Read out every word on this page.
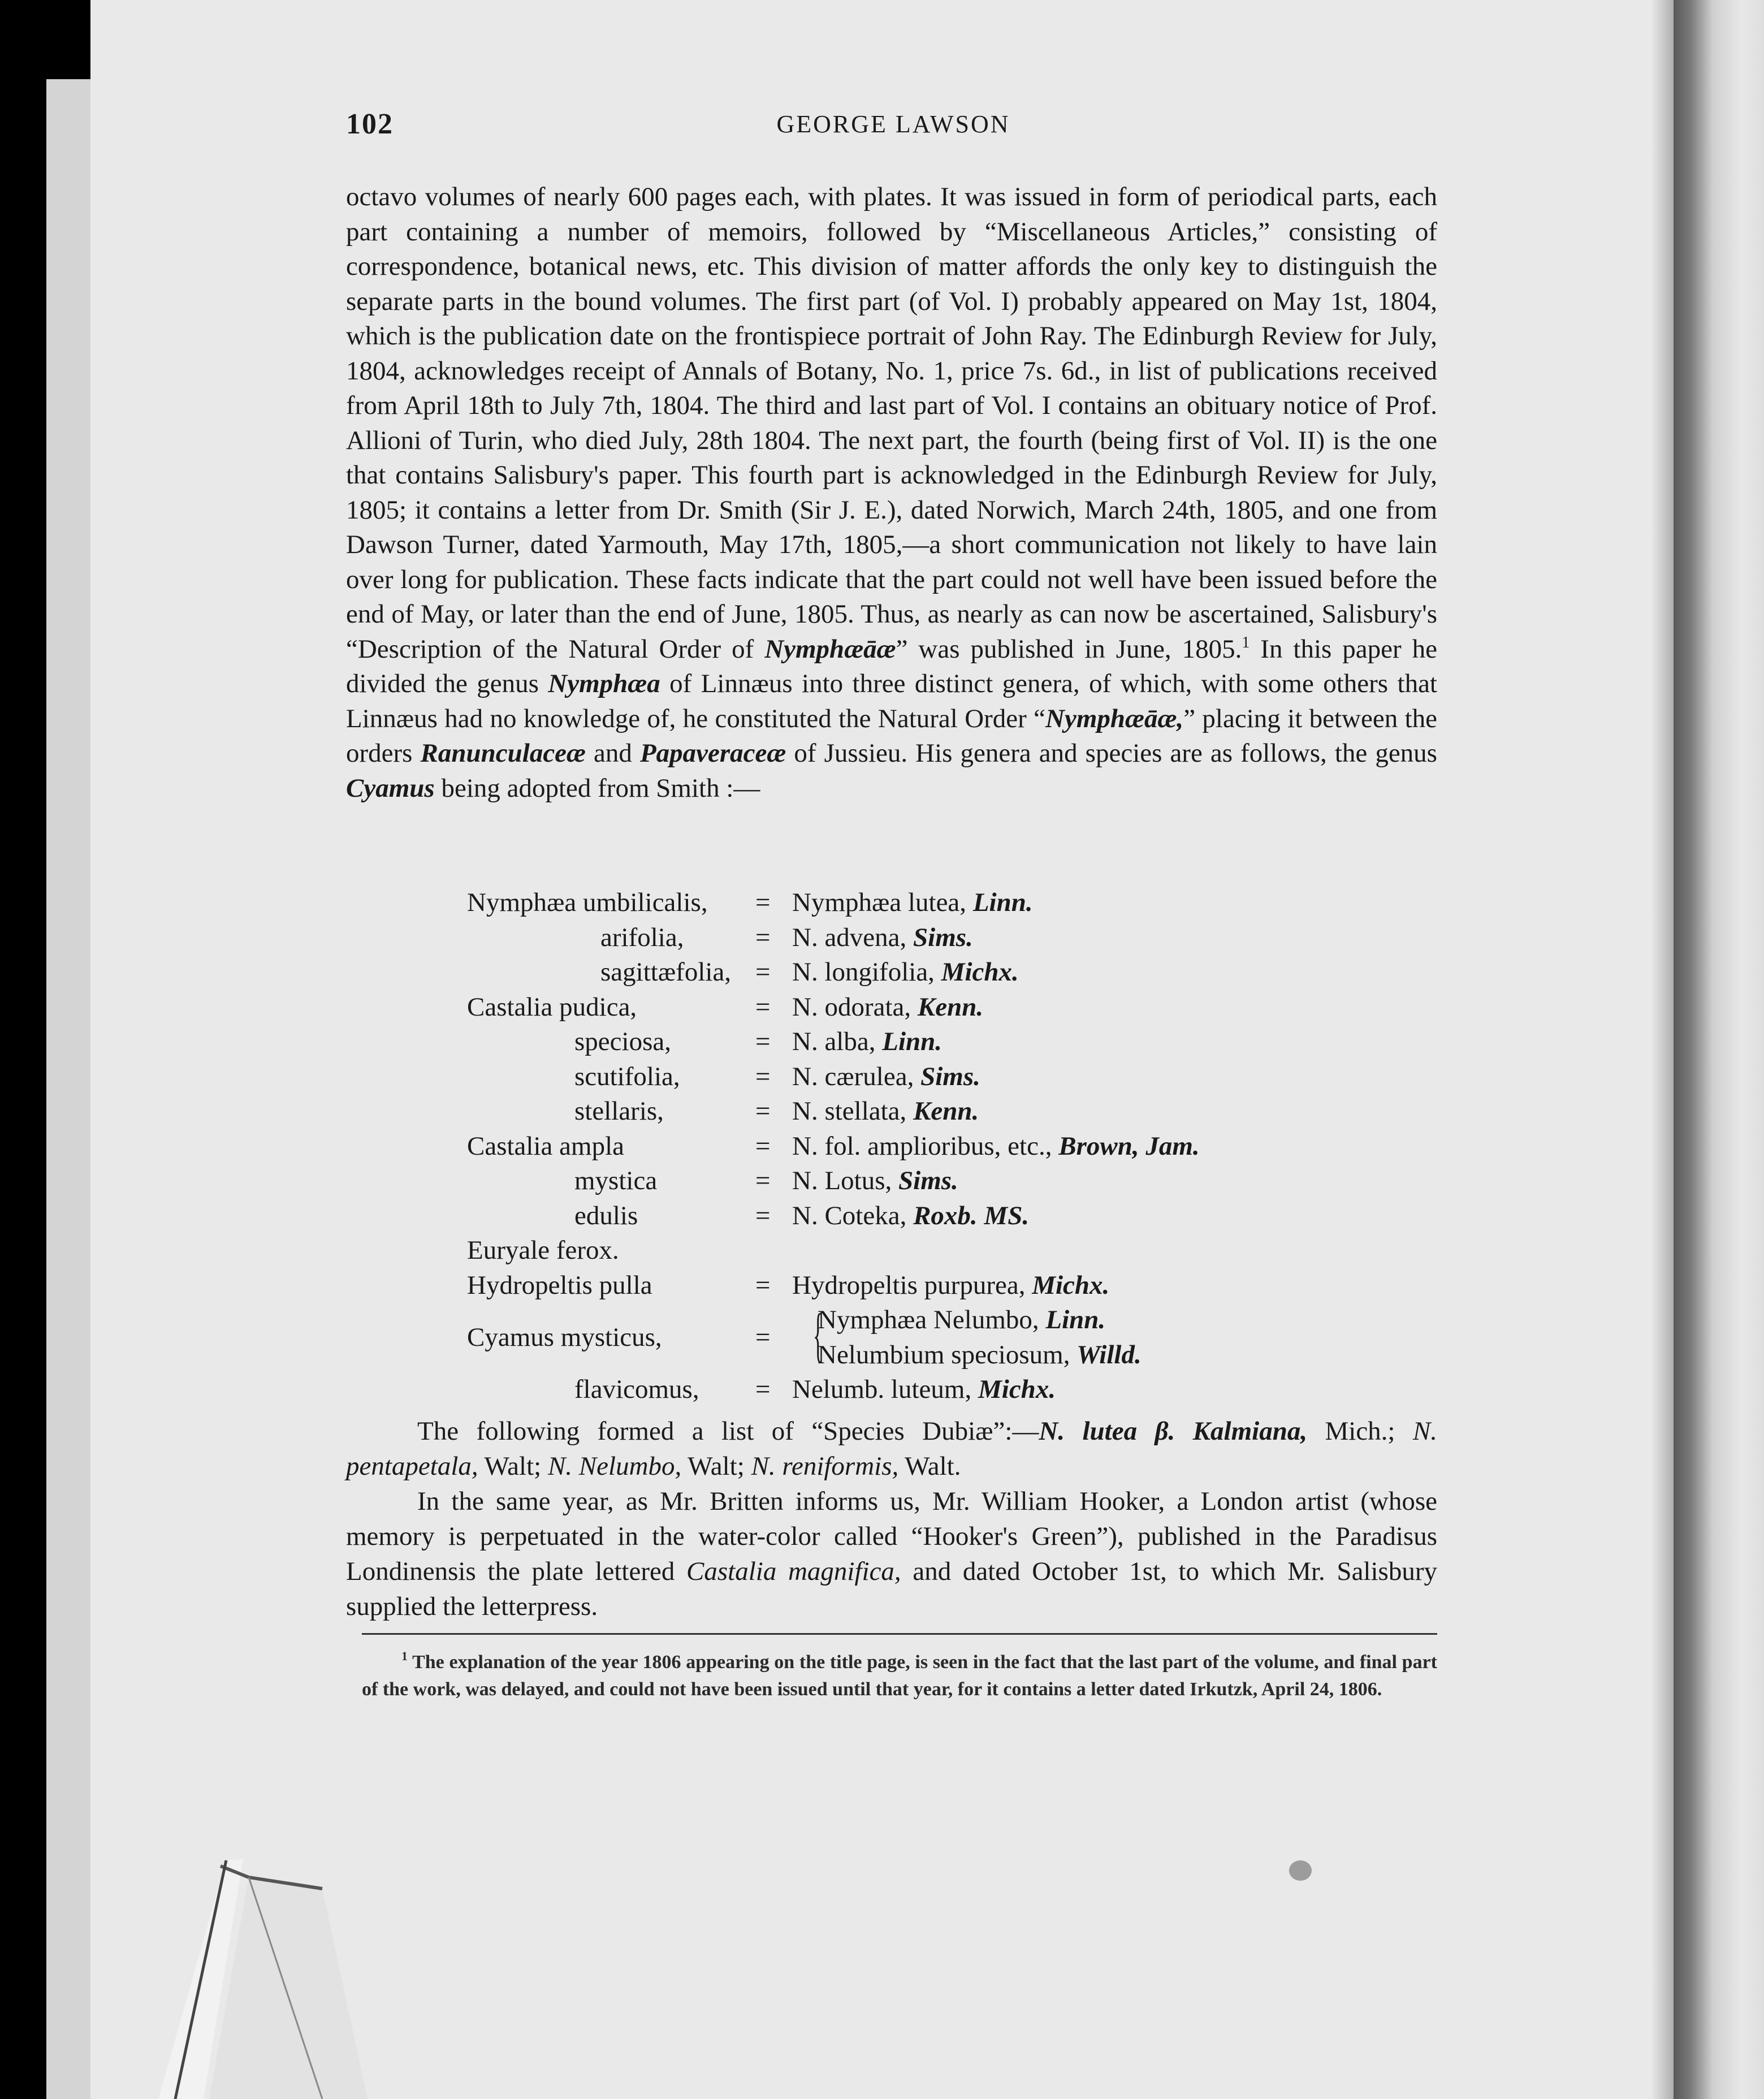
102	GEORGE LAWSON

octavo volumes of nearly 600 pages each, with plates. It was issued in form of periodical parts, each part containing a number of memoirs, followed by “Miscellaneous Articles,” consisting of correspondence, botanical news, etc. This division of matter affords the only key to distinguish the separate parts in the bound volumes. The first part (of Vol. I) probably appeared on May 1st, 1804, which is the publication date on the frontispiece portrait of John Ray. The Edinburgh Review for July, 1804, acknowledges receipt of Annals of Botany, No. 1, price 7s. 6d., in list of publications received from April 18th to July 7th, 1804. The third and last part of Vol. I contains an obituary notice of Prof. Allioni of Turin, who died July, 28th 1804. The next part, the fourth (being first of Vol. II) is the one that contains Salisbury's paper. This fourth part is acknowledged in the Edinburgh Review for July, 1805; it contains a letter from Dr. Smith (Sir J. E.), dated Norwich, March 24th, 1805, and one from Dawson Turner, dated Yarmouth, May 17th, 1805,—a short communication not likely to have lain over long for publication. These facts indicate that the part could not well have been issued before the end of May, or later than the end of June, 1805. Thus, as nearly as can now be ascertained, Salisbury's “Description of the Natural Order of Nymphæāæ” was published in June, 1805.$^1$ In this paper he divided the genus Nymphæa of Linnæus into three distinct genera, of which, with some others that Linnæus had no knowledge of, he constituted the Natural Order “Nymphæāæ,” placing it between the orders Ranunculaceæ and Papaveraceæ of Jussieu. His genera and species are as follows, the genus Cyamus being adopted from Smith :—

Nymphæa umbilicalis, = Nymphæa lutea, Linn.
arifolia,	= N. advena, Sims.
sagittæfolia, = N. longifolia, Michx.
Castalia pudica,	= N. odorata, Kenn.
speciosa,	= N. alba, Linn.
scutifolia,	= N. cærulea, Sims.
stellaris,	= N. stellata, Kenn.
Castalia ampla	= N. fol. amplioribus, etc., Brown, Jam.
mystica	= N. Lotus, Sims.
edulis	= N. Coteka, Roxb. MS.
Euryale ferox.
Hydropeltis pulla	= Hydropeltis purpurea, Michx.
Cyamus mysticus,	= {
Nymphæa Nelumbo, Linn.
Nelumbium speciosum, Willd.
flavicomus, = Nelumb. luteum, Michx.

The following formed a list of “Species Dubiæ”:—N. lutea β. Kalmiana, Mich.; N. pentapetala, Walt; N. Nelumbo, Walt; N. reniformis, Walt.

In the same year, as Mr. Britten informs us, Mr. William Hooker, a London artist (whose memory is perpetuated in the water-color called “Hooker's Green”), published in the Paradisus Londinensis the plate lettered Castalia magnifica, and dated October 1st, to which Mr. Salisbury supplied the letterpress.

$^1$ The explanation of the year 1806 appearing on the title page, is seen in the fact that the last part of the volume, and final part of the work, was delayed, and could not have been issued until that year, for it contains a letter dated Irkutzk, April 24, 1806.
